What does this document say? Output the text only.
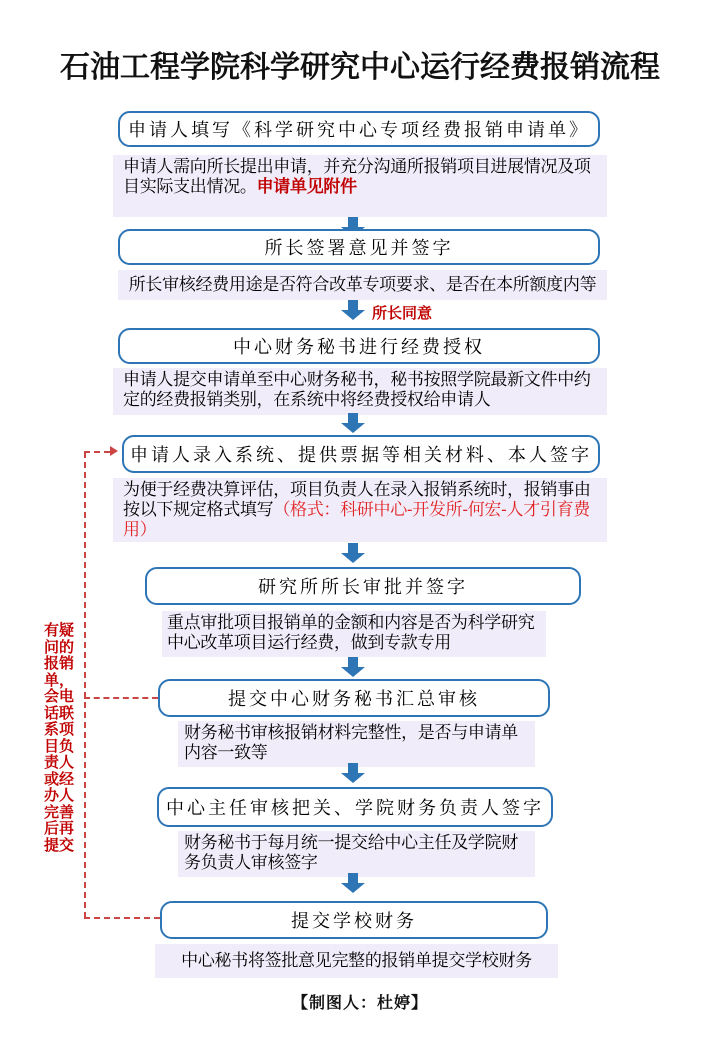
石油工程学院科学研究中心运行经费报销流程
申请人填写《科学研究中心专项经费报销申请单》
申请人需向所长提出申请，并充分沟通所报销项目进展情况及项目实际支出情况。申请单见附件
所长签署意见并签字
所长审核经费用途是否符合改革专项要求、是否在本所额度内等
所长同意
中心财务秘书进行经费授权
申请人提交申请单至中心财务秘书，秘书按照学院最新文件中约定的经费报销类别，在系统中将经费授权给申请人
申请人录入系统、提供票据等相关材料、本人签字
为便于经费决算评估，项目负责人在录入报销系统时，报销事由按以下规定格式填写（格式：科研中心-开发所-何宏-人才引育费用）
研究所所长审批并签字
重点审批项目报销单的金额和内容是否为科学研究中心改革项目运行经费，做到专款专用
提交中心财务秘书汇总审核
财务秘书审核报销材料完整性，是否与申请单内容一致等
中心主任审核把关、学院财务负责人签字
财务秘书于每月统一提交给中心主任及学院财务负责人审核签字
提交学校财务
中心秘书将签批意见完整的报销单提交学校财务
有疑问的报销单，会电话联系项目负责人或经办人完善后再提交
【制图人：杜婷】
